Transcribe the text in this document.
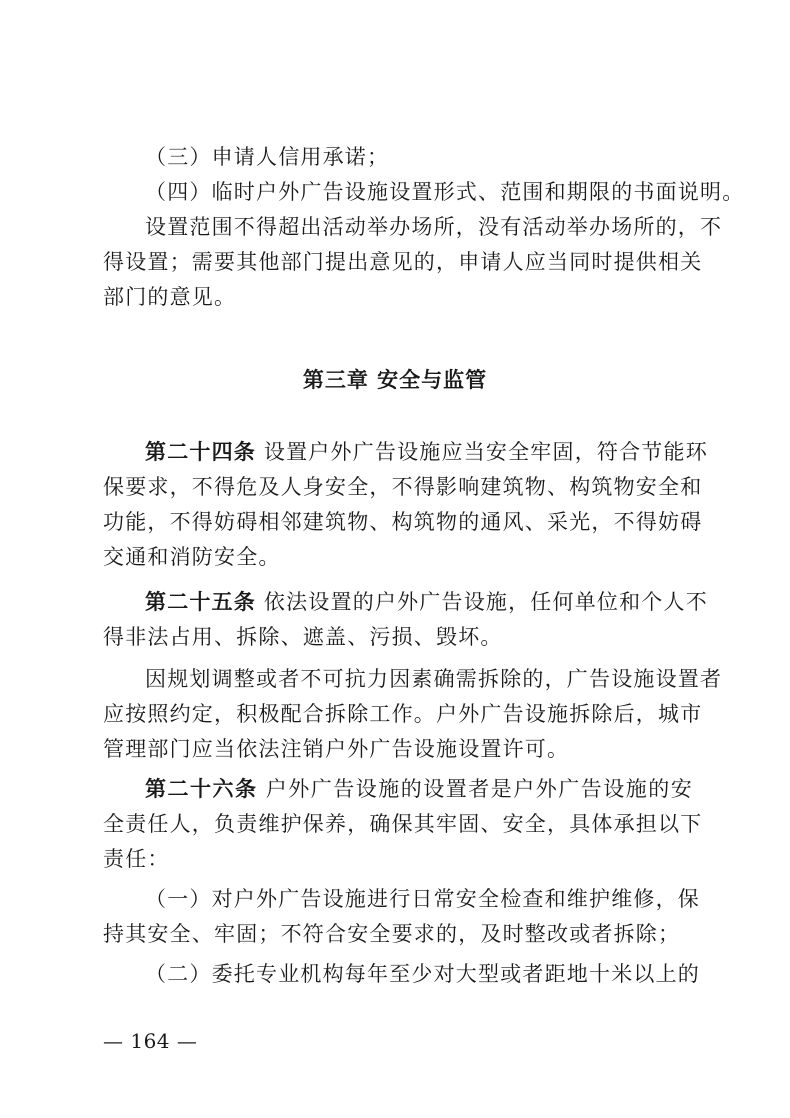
（三）申请人信用承诺；
（四）临时户外广告设施设置形式、范围和期限的书面说明。
设置范围不得超出活动举办场所，没有活动举办场所的，不
得设置；需要其他部门提出意见的，申请人应当同时提供相关
部门的意见。
第三章 安全与监管
第二十四条 设置户外广告设施应当安全牢固，符合节能环
保要求，不得危及人身安全，不得影响建筑物、构筑物安全和
功能，不得妨碍相邻建筑物、构筑物的通风、采光，不得妨碍
交通和消防安全。
第二十五条 依法设置的户外广告设施，任何单位和个人不
得非法占用、拆除、遮盖、污损、毁坏。
因规划调整或者不可抗力因素确需拆除的，广告设施设置者
应按照约定，积极配合拆除工作。户外广告设施拆除后，城市
管理部门应当依法注销户外广告设施设置许可。
第二十六条 户外广告设施的设置者是户外广告设施的安
全责任人，负责维护保养，确保其牢固、安全，具体承担以下
责任：
（一）对户外广告设施进行日常安全检查和维护维修，保
持其安全、牢固；不符合安全要求的，及时整改或者拆除；
（二）委托专业机构每年至少对大型或者距地十米以上的
— 164 —
